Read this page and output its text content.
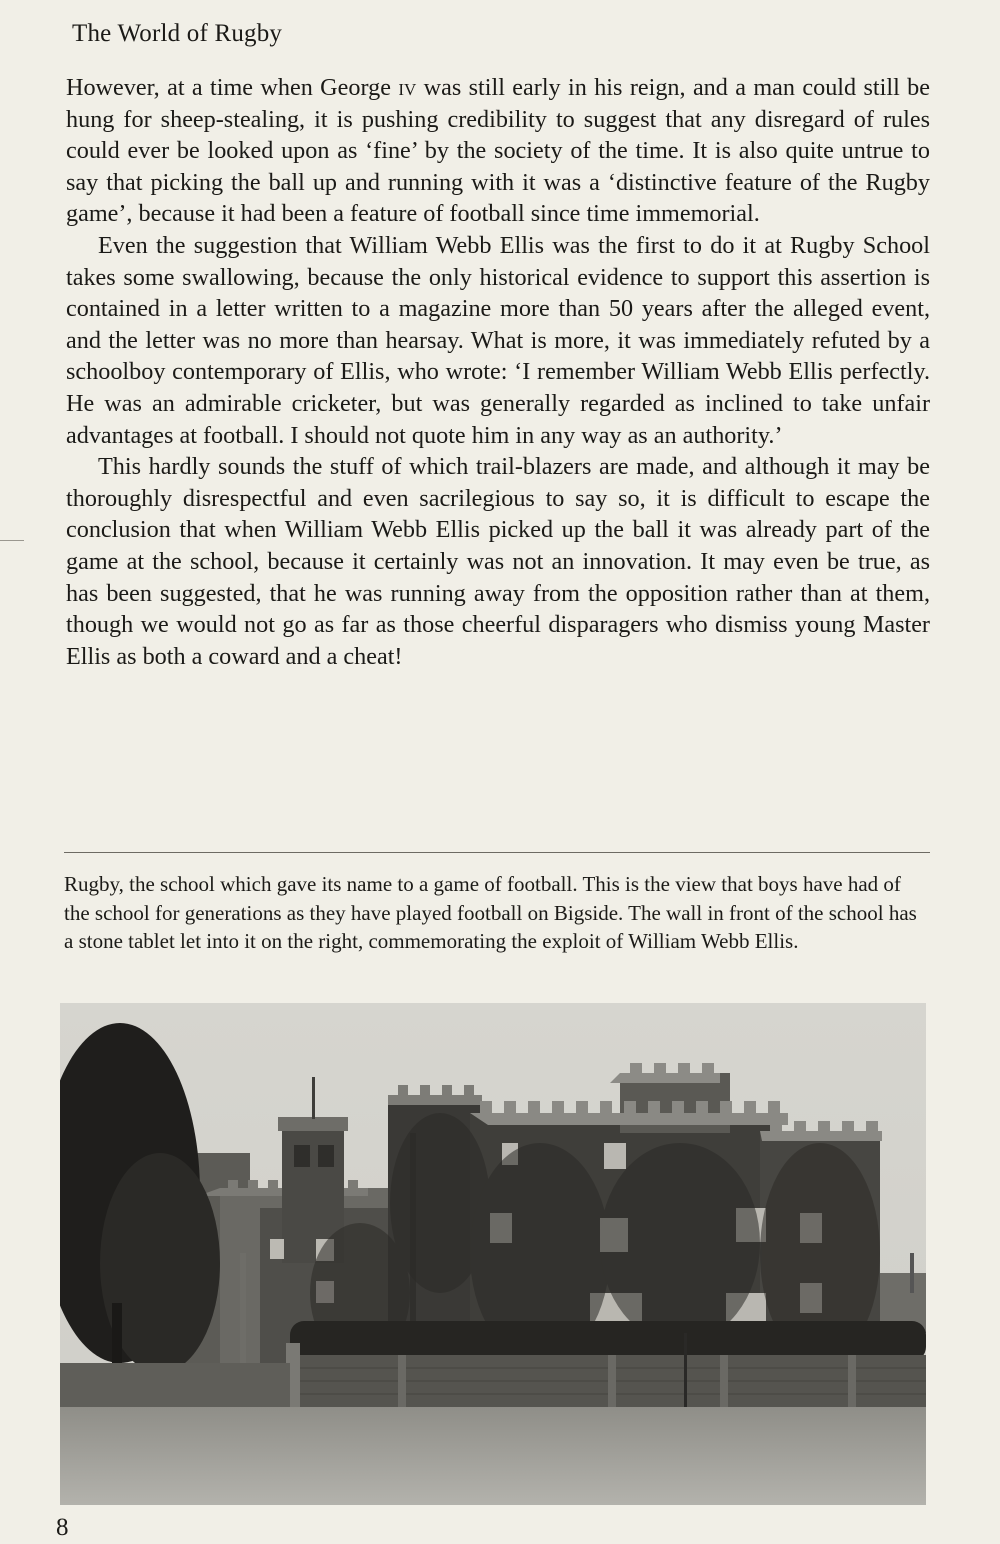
The World of Rugby

However, at a time when George iv was still early in his reign, and a man could still be hung for sheep-stealing, it is pushing credibility to suggest that any disregard of rules could ever be looked upon as ‘fine’ by the society of the time. It is also quite untrue to say that picking the ball up and running with it was a ‘distinctive feature of the Rugby game’, because it had been a feature of football since time immemorial.

Even the suggestion that William Webb Ellis was the first to do it at Rugby School takes some swallowing, because the only historical evidence to support this assertion is contained in a letter written to a magazine more than 50 years after the alleged event, and the letter was no more than hearsay. What is more, it was immediately refuted by a schoolboy contemporary of Ellis, who wrote: ‘I remember William Webb Ellis perfectly. He was an admirable cricketer, but was generally regarded as inclined to take unfair advantages at football. I should not quote him in any way as an authority.’

This hardly sounds the stuff of which trail-blazers are made, and although it may be thoroughly disrespectful and even sacrilegious to say so, it is difficult to escape the conclusion that when William Webb Ellis picked up the ball it was already part of the game at the school, because it certainly was not an innovation. It may even be true, as has been suggested, that he was running away from the opposition rather than at them, though we would not go as far as those cheerful disparagers who dismiss young Master Ellis as both a coward and a cheat!

Rugby, the school which gave its name to a game of football. This is the view that boys have had of the school for generations as they have played football on Bigside. The wall in front of the school has a stone tablet let into it on the right, commemorating the exploit of William Webb Ellis.
8
